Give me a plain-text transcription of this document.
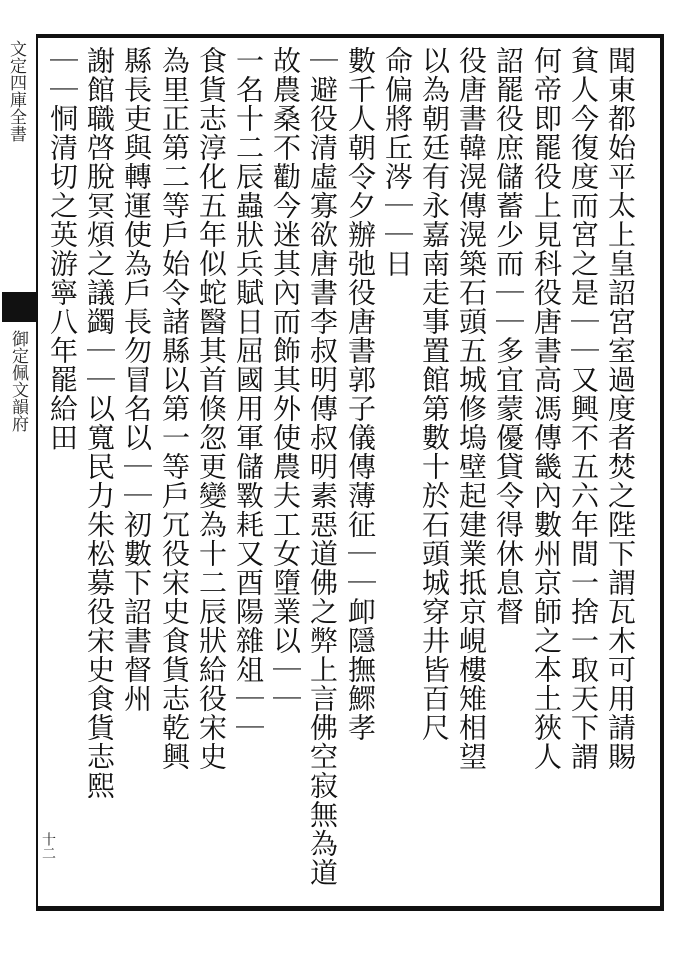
文定四庫全書
御定佩文韻府
十二
聞東都始平太上皇詔宮室過度者焚之陛下謂瓦木可用請賜
貧人今復度而宮之是｜｜又興不五六年間一捨一取天下謂
何帝即罷役上見科役唐書高馮傳畿內數州京師之本土狹人
詔罷役庶儲蓄少而｜｜多宜蒙優貸令得休息督
役唐書韓滉傳滉築石頭五城修塢壁起建業抵京峴樓雉相望
以為朝廷有永嘉南走事置館第數十於石頭城穿井皆百尺
命偏將丘涔｜｜日
數千人朝令夕辦弛役唐書郭子儀傳薄征｜｜卹隱撫鰥孝
｜避役清虛寡欲唐書李叔明傳叔明素惡道佛之弊上言佛空寂無為道
故農桑不勸今迷其內而飾其外使農夫工女墮業以｜｜
一名十二辰蟲狀兵賦日屈國用軍儲斁耗又酉陽雜俎｜｜
食貨志淳化五年似蛇醫其首倏忽更變為十二辰狀給役宋史
為里正第二等戶始令諸縣以第一等戶冗役宋史食貨志乾興
縣長吏與轉運使為戶長勿冒名以｜｜初數下詔書督州
謝館職啓脫冥煩之議蠲｜｜以寬民力朱松募役宋史食貨志熙
｜｜恫清切之英游寧八年罷給田
